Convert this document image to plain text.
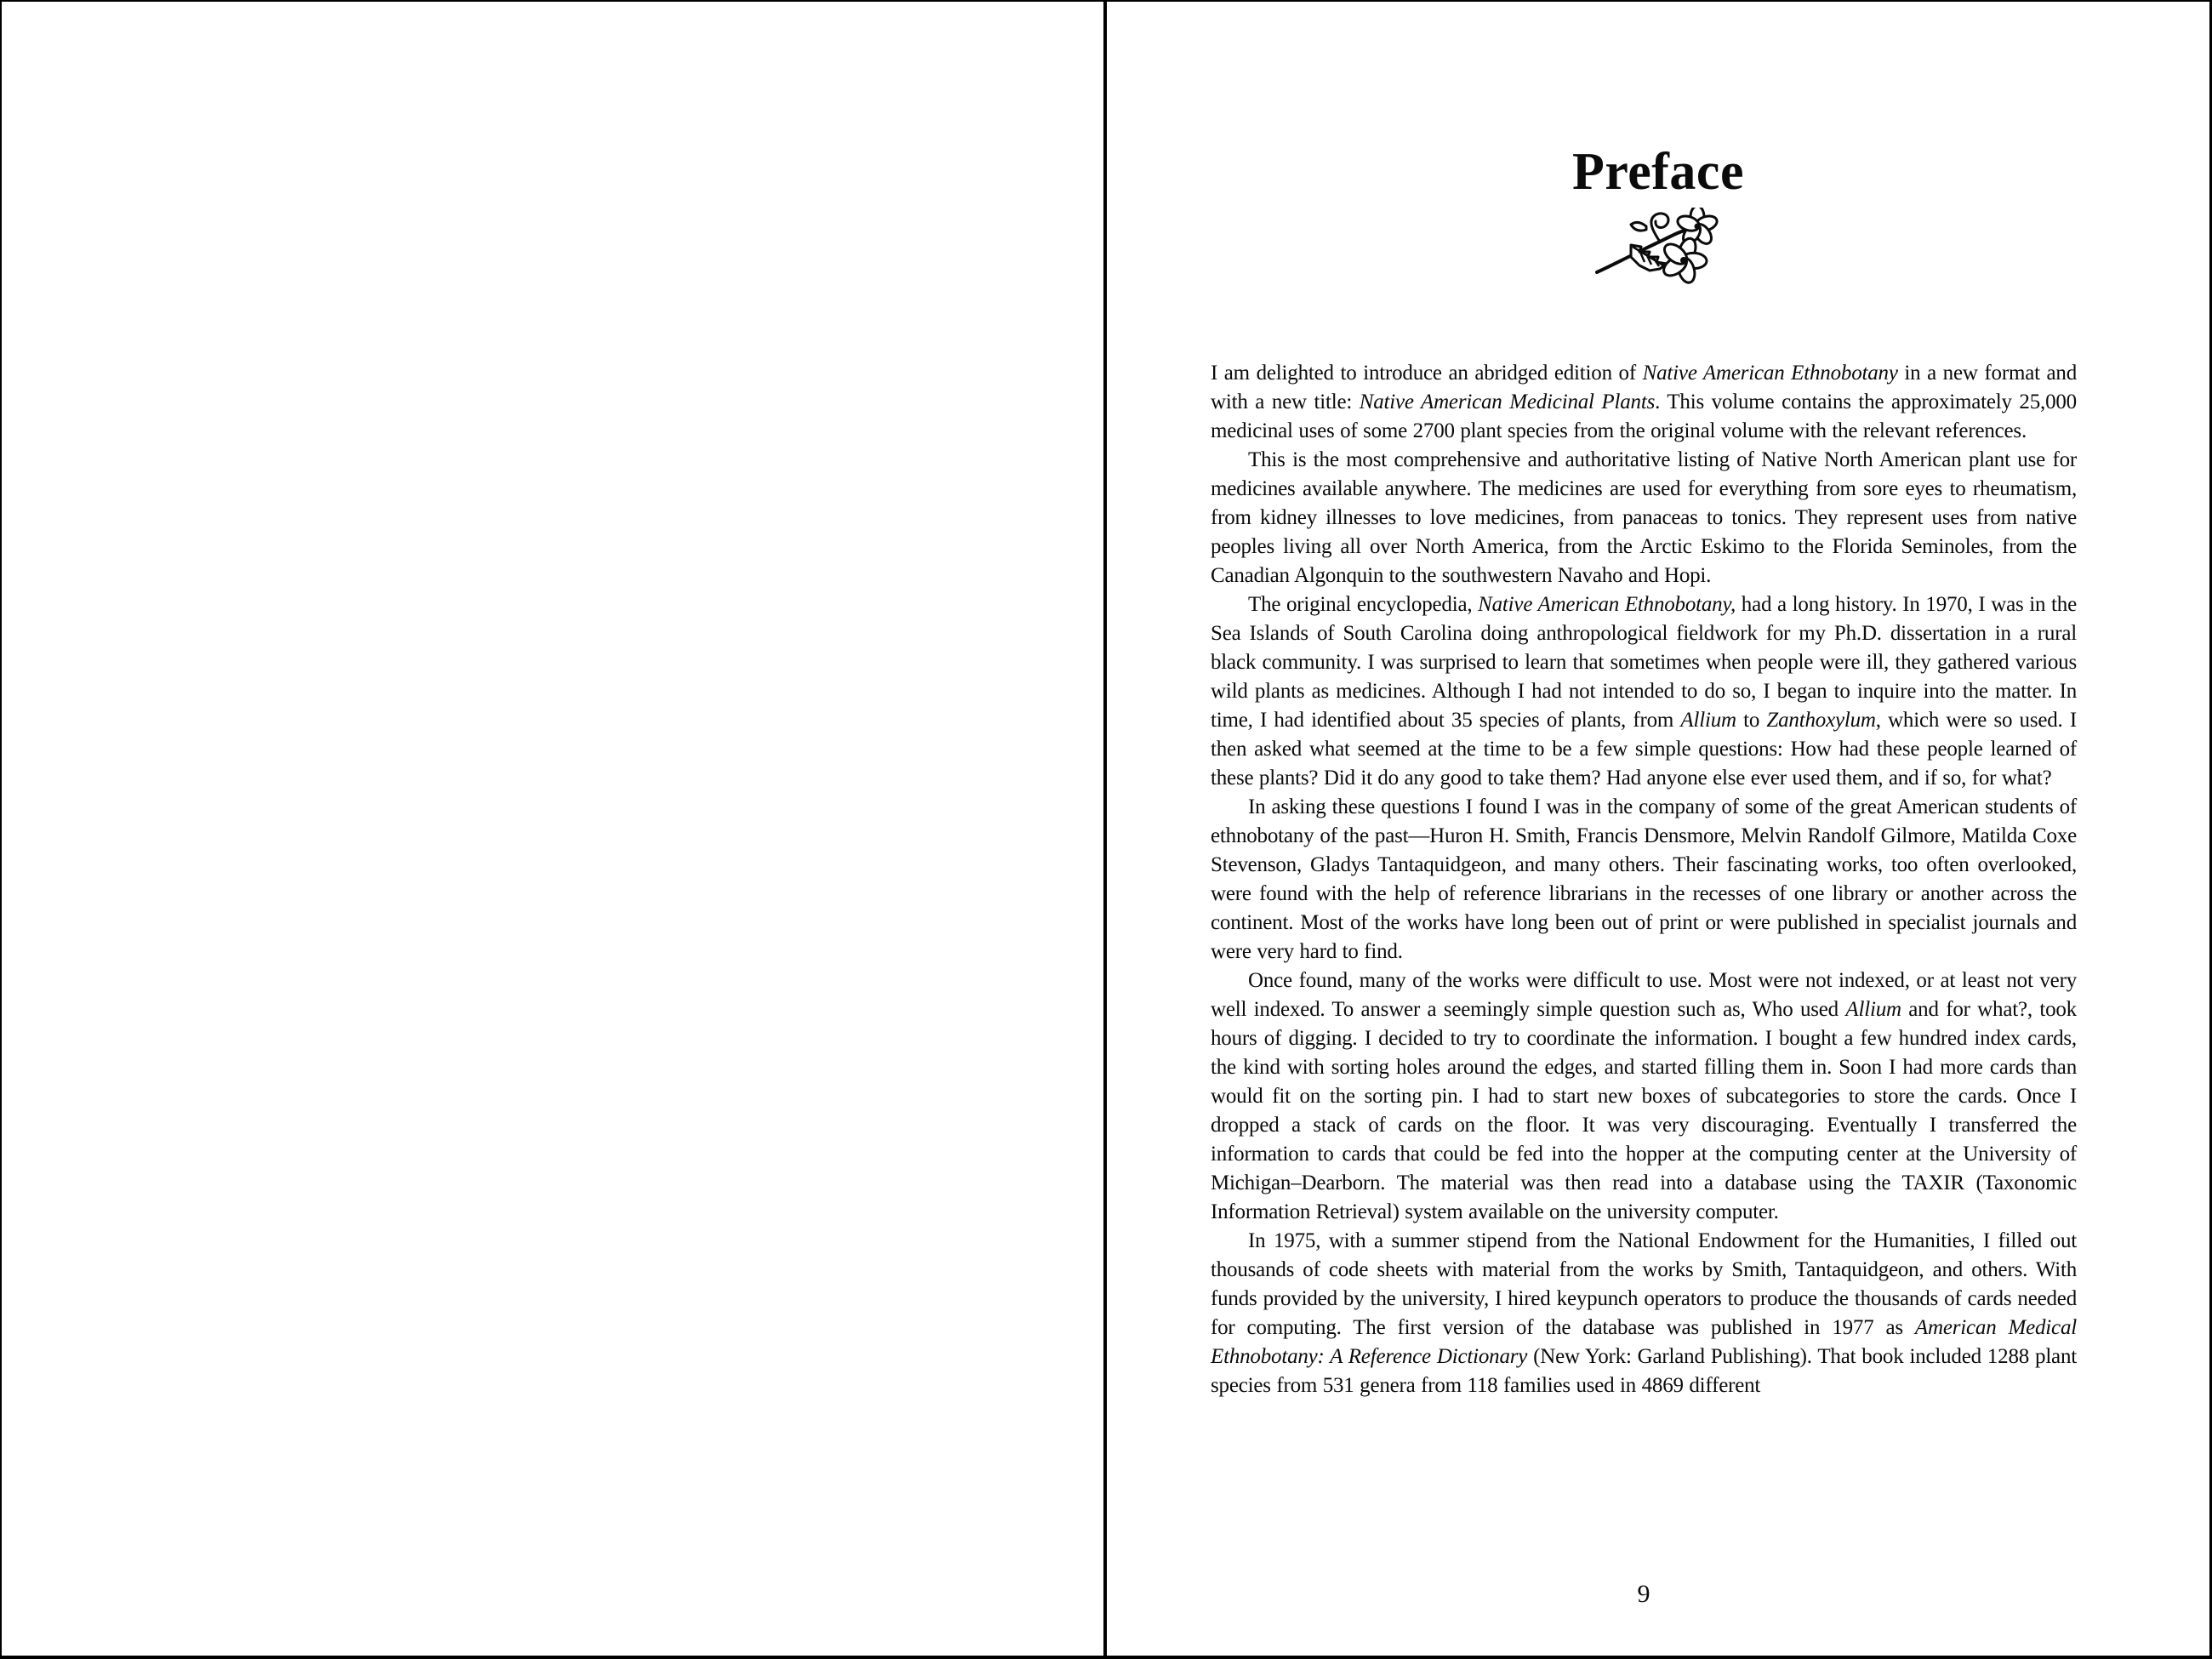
Preface

I am delighted to introduce an abridged edition of Native American Ethnobotany in a new format and with a new title: Native American Medicinal Plants. This volume contains the approximately 25,000 medicinal uses of some 2700 plant species from the original volume with the relevant references.

This is the most comprehensive and authoritative listing of Native North American plant use for medicines available anywhere. The medicines are used for everything from sore eyes to rheumatism, from kidney illnesses to love medicines, from panaceas to tonics. They represent uses from native peoples living all over North America, from the Arctic Eskimo to the Florida Seminoles, from the Canadian Algonquin to the southwestern Navaho and Hopi.

The original encyclopedia, Native American Ethnobotany, had a long history. In 1970, I was in the Sea Islands of South Carolina doing anthropological fieldwork for my Ph.D. dissertation in a rural black community. I was surprised to learn that sometimes when people were ill, they gathered various wild plants as medicines. Although I had not intended to do so, I began to inquire into the matter. In time, I had identified about 35 species of plants, from Allium to Zanthoxylum, which were so used. I then asked what seemed at the time to be a few simple questions: How had these people learned of these plants? Did it do any good to take them? Had anyone else ever used them, and if so, for what?

In asking these questions I found I was in the company of some of the great American students of ethnobotany of the past—Huron H. Smith, Francis Densmore, Melvin Randolf Gilmore, Matilda Coxe Stevenson, Gladys Tantaquidgeon, and many others. Their fascinating works, too often overlooked, were found with the help of reference librarians in the recesses of one library or another across the continent. Most of the works have long been out of print or were published in specialist journals and were very hard to find.

Once found, many of the works were difficult to use. Most were not indexed, or at least not very well indexed. To answer a seemingly simple question such as, Who used Allium and for what?, took hours of digging. I decided to try to coordinate the information. I bought a few hundred index cards, the kind with sorting holes around the edges, and started filling them in. Soon I had more cards than would fit on the sorting pin. I had to start new boxes of subcategories to store the cards. Once I dropped a stack of cards on the floor. It was very discouraging. Eventually I transferred the information to cards that could be fed into the hopper at the computing center at the University of Michigan–Dearborn. The material was then read into a database using the TAXIR (Taxonomic Information Retrieval) system available on the university computer.

In 1975, with a summer stipend from the National Endowment for the Humanities, I filled out thousands of code sheets with material from the works by Smith, Tantaquidgeon, and others. With funds provided by the university, I hired keypunch operators to produce the thousands of cards needed for computing. The first version of the database was published in 1977 as American Medical Ethnobotany: A Reference Dictionary (New York: Garland Publishing). That book included 1288 plant species from 531 genera from 118 families used in 4869 different

9
